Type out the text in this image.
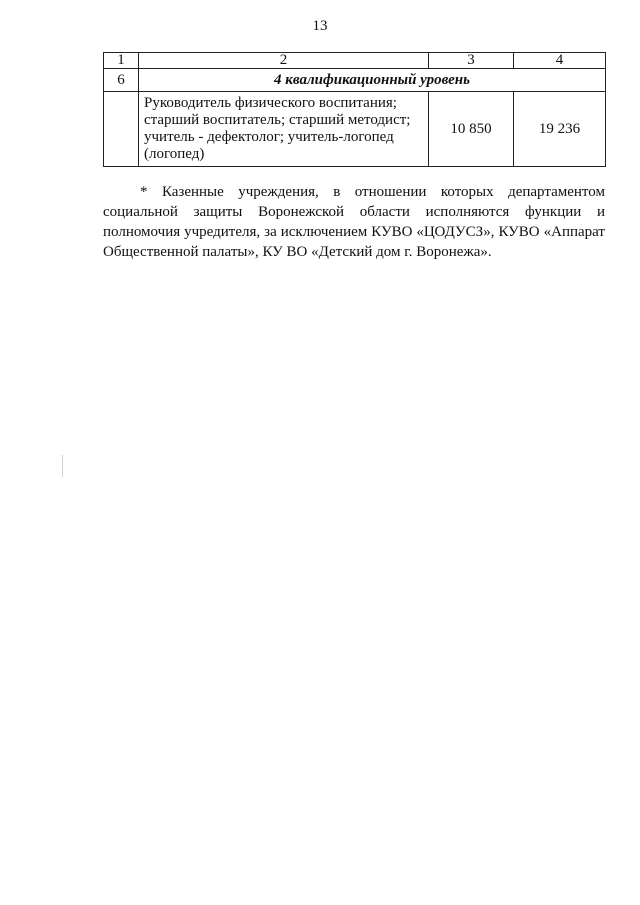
13
1	2	3	4
6	4 квалификационный уровень		
	Руководитель физического воспитания; старший воспитатель; старший методист; учитель - дефектолог; учитель-логопед (логопед)	10 850	19 236

* Казенные учреждения, в отношении которых департаментом социальной защиты Воронежской области исполняются функции и полномочия учредителя, за исключением КУВО «ЦОДУСЗ», КУВО «Аппарат Общественной палаты», КУ ВО «Детский дом г. Воронежа».
